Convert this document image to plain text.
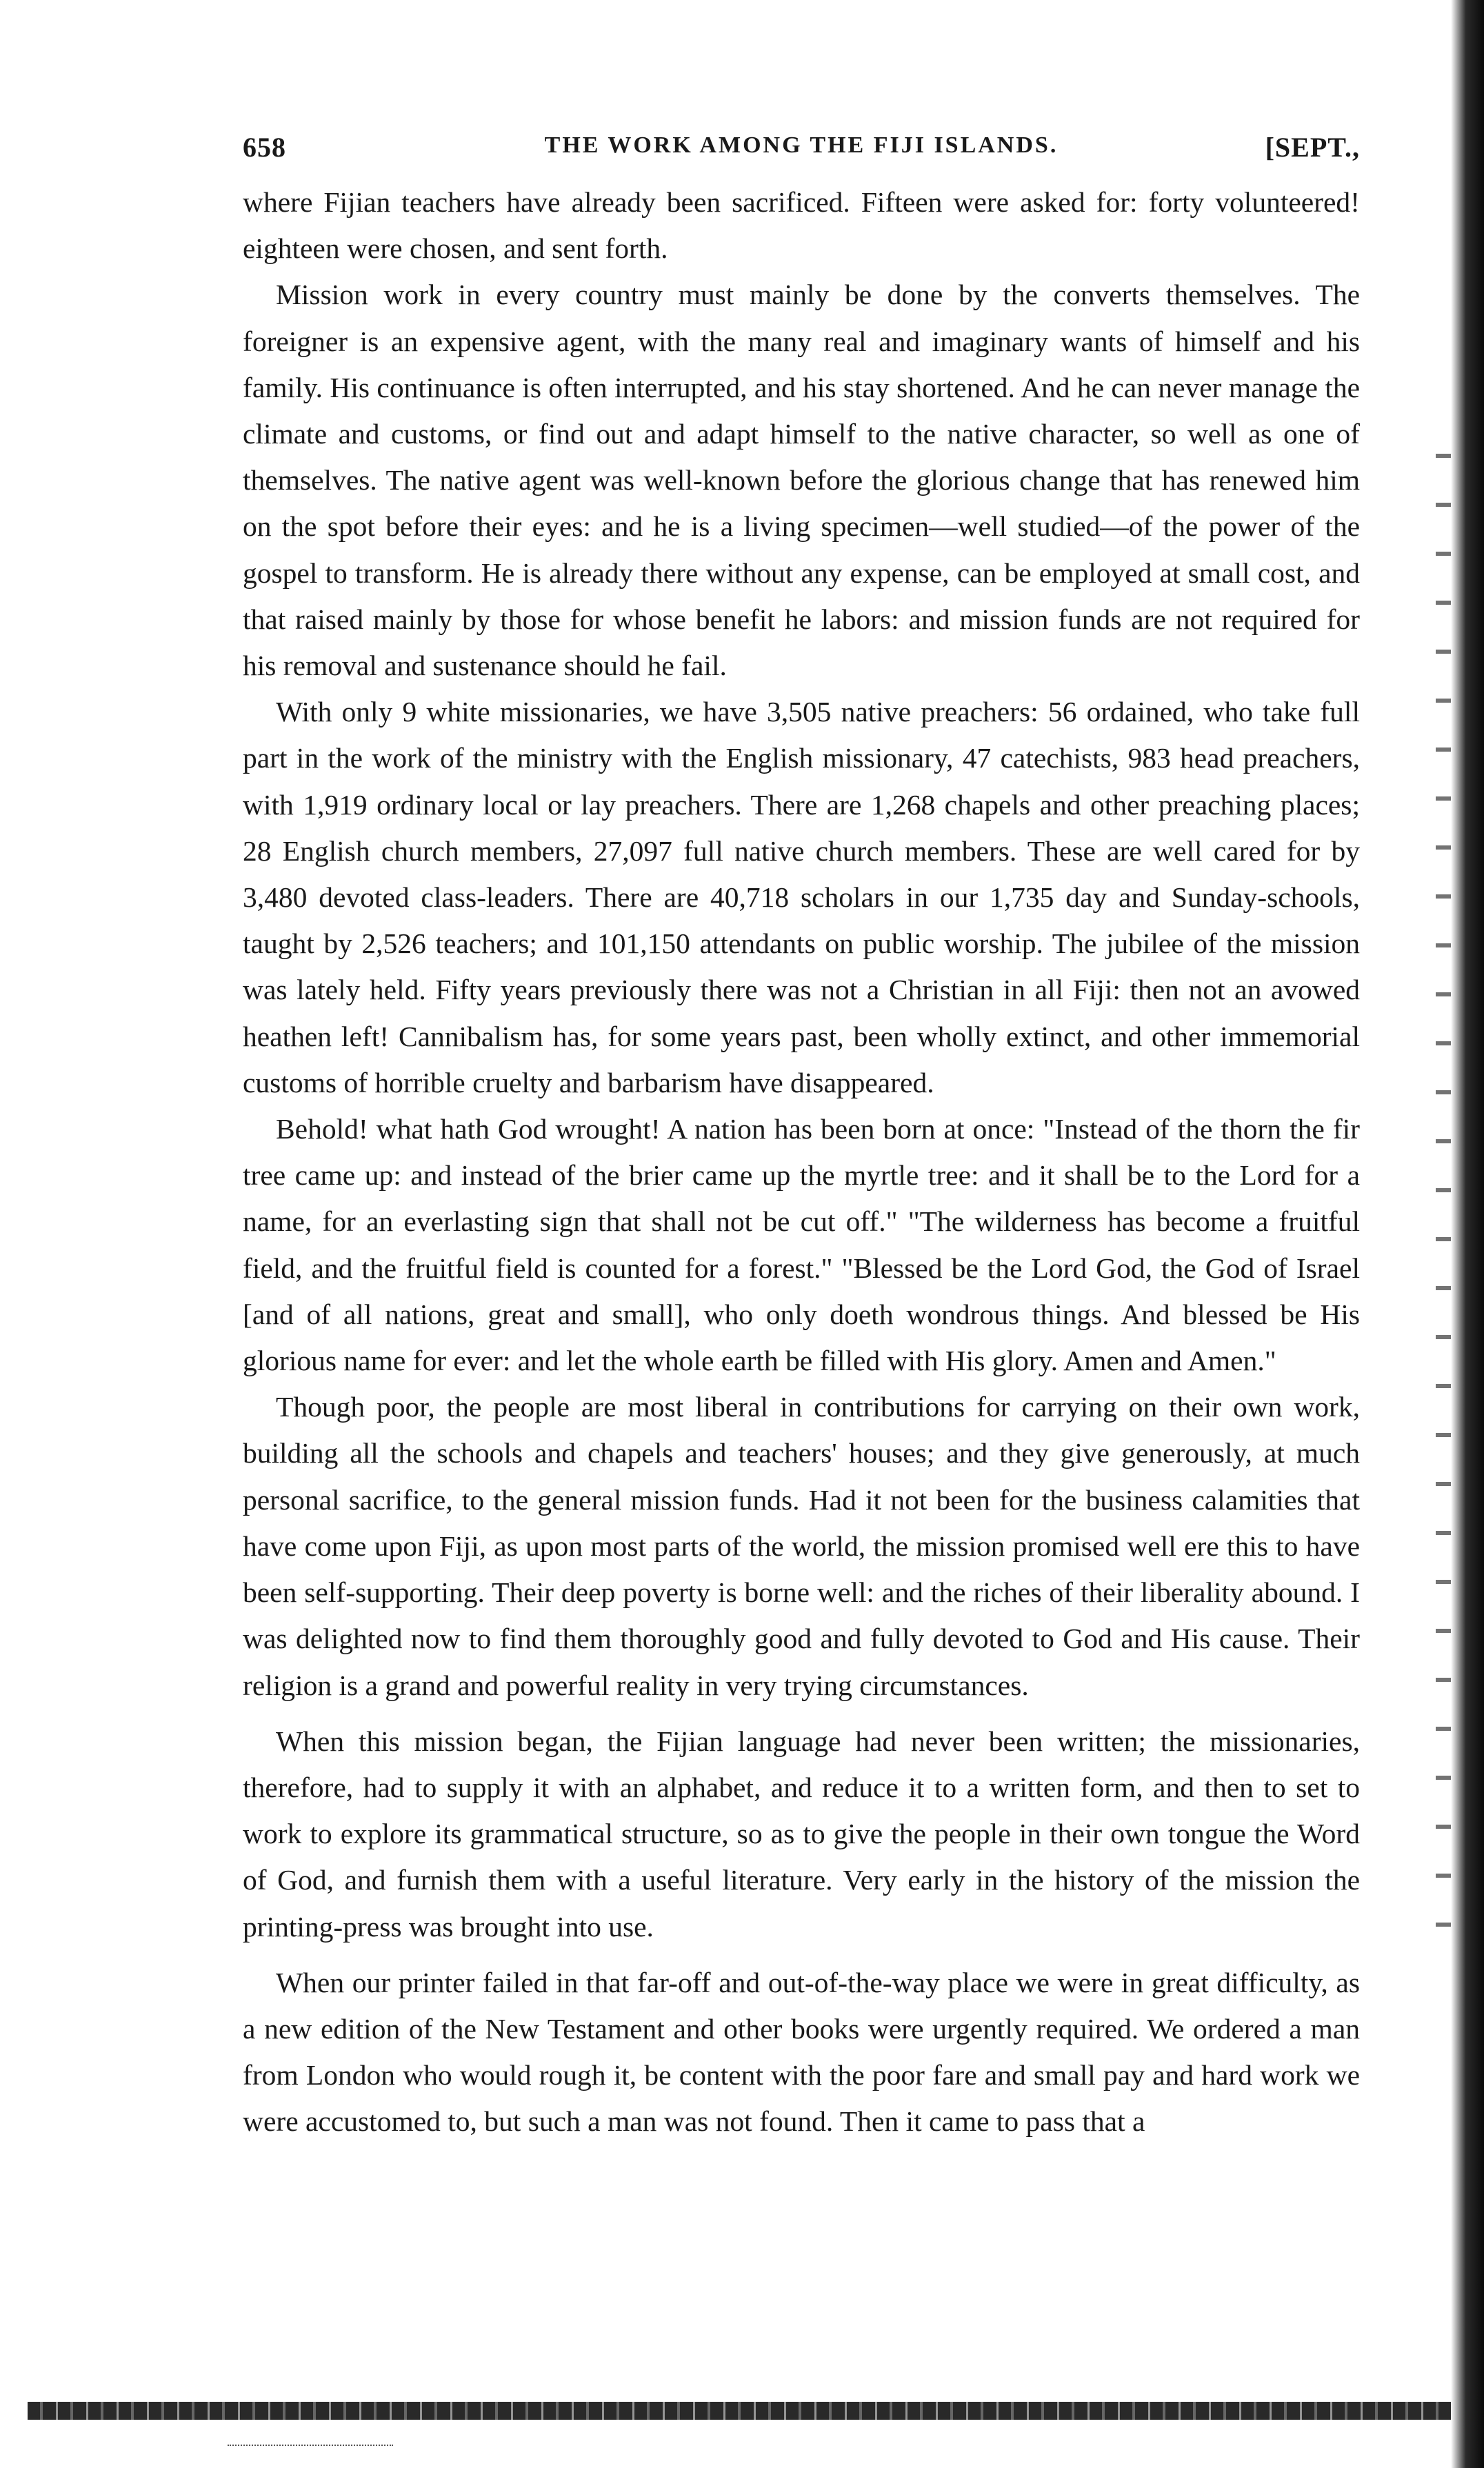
658	THE WORK AMONG THE FIJI ISLANDS.	[SEPT.,

where Fijian teachers have already been sacrificed. Fifteen were asked for: forty volunteered! eighteen were chosen, and sent forth.

Mission work in every country must mainly be done by the converts themselves. The foreigner is an expensive agent, with the many real and imaginary wants of himself and his family. His continuance is often interrupted, and his stay shortened. And he can never manage the climate and customs, or find out and adapt himself to the native character, so well as one of themselves. The native agent was well-known before the glorious change that has renewed him on the spot before their eyes: and he is a living specimen—well studied—of the power of the gospel to transform. He is already there without any expense, can be employed at small cost, and that raised mainly by those for whose benefit he labors: and mission funds are not required for his removal and sustenance should he fail.

With only 9 white missionaries, we have 3,505 native preachers: 56 ordained, who take full part in the work of the ministry with the English missionary, 47 catechists, 983 head preachers, with 1,919 ordinary local or lay preachers. There are 1,268 chapels and other preaching places; 28 English church members, 27,097 full native church members. These are well cared for by 3,480 devoted class-leaders. There are 40,718 scholars in our 1,735 day and Sunday-schools, taught by 2,526 teachers; and 101,150 attendants on public worship. The jubilee of the mission was lately held. Fifty years previously there was not a Christian in all Fiji: then not an avowed heathen left! Cannibalism has, for some years past, been wholly extinct, and other immemorial customs of horrible cruelty and barbarism have disappeared.

Behold! what hath God wrought! A nation has been born at once: "Instead of the thorn the fir tree came up: and instead of the brier came up the myrtle tree: and it shall be to the Lord for a name, for an everlasting sign that shall not be cut off." "The wilderness has become a fruitful field, and the fruitful field is counted for a forest." "Blessed be the Lord God, the God of Israel [and of all nations, great and small], who only doeth wondrous things. And blessed be His glorious name for ever: and let the whole earth be filled with His glory. Amen and Amen."

Though poor, the people are most liberal in contributions for carrying on their own work, building all the schools and chapels and teachers' houses; and they give generously, at much personal sacrifice, to the general mission funds. Had it not been for the business calamities that have come upon Fiji, as upon most parts of the world, the mission promised well ere this to have been self-supporting. Their deep poverty is borne well: and the riches of their liberality abound. I was delighted now to find them thoroughly good and fully devoted to God and His cause. Their religion is a grand and powerful reality in very trying circumstances.

When this mission began, the Fijian language had never been written; the missionaries, therefore, had to supply it with an alphabet, and reduce it to a written form, and then to set to work to explore its grammatical structure, so as to give the people in their own tongue the Word of God, and furnish them with a useful literature. Very early in the history of the mission the printing-press was brought into use.

When our printer failed in that far-off and out-of-the-way place we were in great difficulty, as a new edition of the New Testament and other books were urgently required. We ordered a man from London who would rough it, be content with the poor fare and small pay and hard work we were accustomed to, but such a man was not found. Then it came to pass that a
